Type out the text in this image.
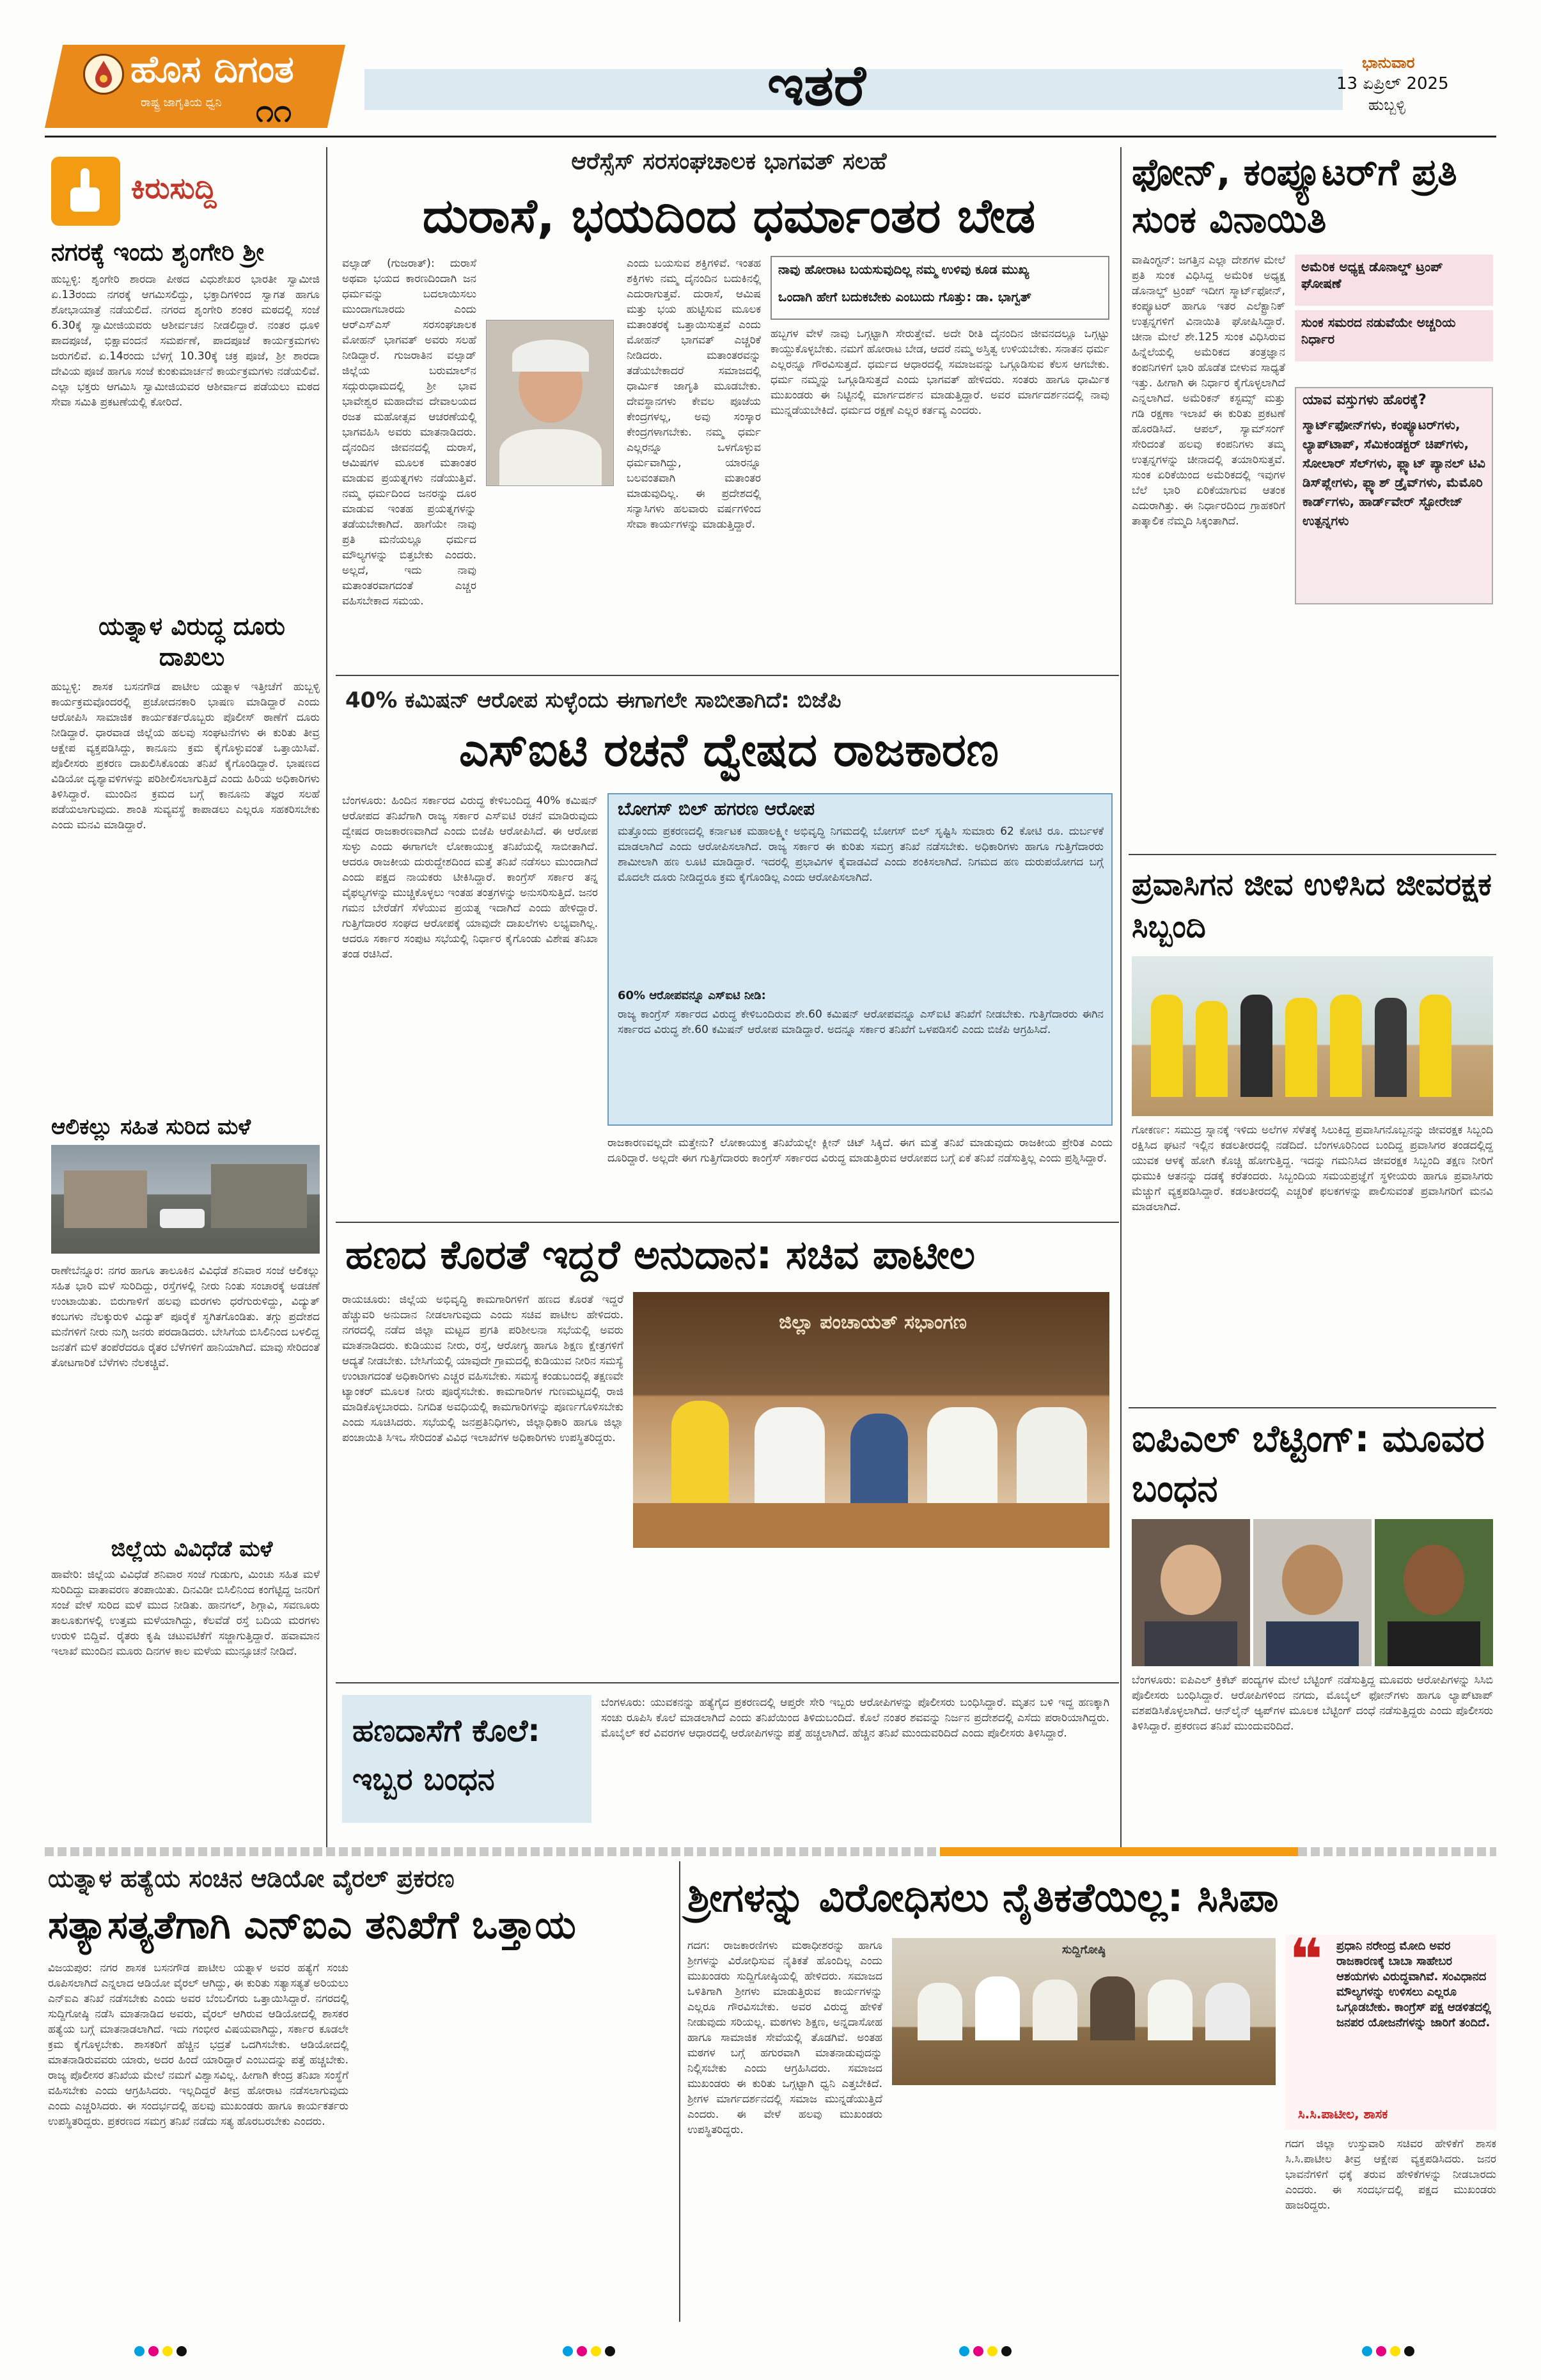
ಹೊಸ ದಿಗಂತ
ರಾಷ್ಟ್ರ ಜಾಗೃತಿಯ ಧ್ವನಿ ೧೧	ಇತರೆ	ಭಾನುವಾರ
13 ಏಪ್ರಿಲ್ 2025
ಹುಬ್ಬಳ್ಳಿ
ಕಿರುಸುದ್ದಿ
ನಗರಕ್ಕೆ ಇಂದು ಶೃಂಗೇರಿ ಶ್ರೀ
ಹುಬ್ಬಳ್ಳಿ: ಶೃಂಗೇರಿ ಶಾರದಾ ಪೀಠದ ವಿಧುಶೇಖರ ಭಾರತೀ ಸ್ವಾಮೀಜಿ ಏ.13ರಂದು ನಗರಕ್ಕೆ ಆಗಮಿಸಲಿದ್ದು, ಭಕ್ತಾದಿಗಳಿಂದ ಸ್ವಾಗತ ಹಾಗೂ ಶೋಭಾಯಾತ್ರೆ ನಡೆಯಲಿದೆ. ನಗರದ ಶೃಂಗೇರಿ ಶಂಕರ ಮಠದಲ್ಲಿ ಸಂಜೆ 6.30ಕ್ಕೆ ಸ್ವಾಮೀಜಿಯವರು ಆಶೀರ್ವಚನ ನೀಡಲಿದ್ದಾರೆ. ನಂತರ ಧೂಳಿ ಪಾದಪೂಜೆ, ಭಿಕ್ಷಾವಂದನೆ ಸಮರ್ಪಣೆ, ಪಾದಪೂಜೆ ಕಾರ್ಯಕ್ರಮಗಳು ಜರುಗಲಿವೆ. ಏ.14ರಂದು ಬೆಳಗ್ಗೆ 10.30ಕ್ಕೆ ಚಕ್ರ ಪೂಜೆ, ಶ್ರೀ ಶಾರದಾ ದೇವಿಯ ಪೂಜೆ ಹಾಗೂ ಸಂಜೆ ಕುಂಕುಮಾರ್ಚನೆ ಕಾರ್ಯಕ್ರಮಗಳು ನಡೆಯಲಿವೆ. ಎಲ್ಲಾ ಭಕ್ತರು ಆಗಮಿಸಿ ಸ್ವಾಮೀಜಿಯವರ ಆಶೀರ್ವಾದ ಪಡೆಯಲು ಮಠದ ಸೇವಾ ಸಮಿತಿ ಪ್ರಕಟಣೆಯಲ್ಲಿ ಕೋರಿದೆ.
ಯತ್ನಾಳ ವಿರುದ್ಧ ದೂರು ದಾಖಲು
ಹುಬ್ಬಳ್ಳಿ: ಶಾಸಕ ಬಸನಗೌಡ ಪಾಟೀಲ ಯತ್ನಾಳ ಇತ್ತೀಚೆಗೆ ಹುಬ್ಬಳ್ಳಿ ಕಾರ್ಯಕ್ರಮವೊಂದರಲ್ಲಿ ಪ್ರಚೋದನಕಾರಿ ಭಾಷಣ ಮಾಡಿದ್ದಾರೆ ಎಂದು ಆರೋಪಿಸಿ ಸಾಮಾಜಿಕ ಕಾರ್ಯಕರ್ತರೊಬ್ಬರು ಪೊಲೀಸ್ ಠಾಣೆಗೆ ದೂರು ನೀಡಿದ್ದಾರೆ. ಧಾರವಾಡ ಜಿಲ್ಲೆಯ ಹಲವು ಸಂಘಟನೆಗಳು ಈ ಕುರಿತು ತೀವ್ರ ಆಕ್ಷೇಪ ವ್ಯಕ್ತಪಡಿಸಿದ್ದು, ಕಾನೂನು ಕ್ರಮ ಕೈಗೊಳ್ಳುವಂತೆ ಒತ್ತಾಯಿಸಿವೆ. ಪೊಲೀಸರು ಪ್ರಕರಣ ದಾಖಲಿಸಿಕೊಂಡು ತನಿಖೆ ಕೈಗೊಂಡಿದ್ದಾರೆ. ಭಾಷಣದ ವಿಡಿಯೋ ದೃಶ್ಯಾವಳಿಗಳನ್ನು ಪರಿಶೀಲಿಸಲಾಗುತ್ತಿದೆ ಎಂದು ಹಿರಿಯ ಅಧಿಕಾರಿಗಳು ತಿಳಿಸಿದ್ದಾರೆ. ಮುಂದಿನ ಕ್ರಮದ ಬಗ್ಗೆ ಕಾನೂನು ತಜ್ಞರ ಸಲಹೆ ಪಡೆಯಲಾಗುವುದು. ಶಾಂತಿ ಸುವ್ಯವಸ್ಥೆ ಕಾಪಾಡಲು ಎಲ್ಲರೂ ಸಹಕರಿಸಬೇಕು ಎಂದು ಮನವಿ ಮಾಡಿದ್ದಾರೆ.
ಆಲಿಕಲ್ಲು ಸಹಿತ ಸುರಿದ ಮಳೆ
ರಾಣೇಬೆನ್ನೂರ: ನಗರ ಹಾಗೂ ತಾಲೂಕಿನ ವಿವಿಧೆಡೆ ಶನಿವಾರ ಸಂಜೆ ಆಲಿಕಲ್ಲು ಸಹಿತ ಭಾರಿ ಮಳೆ ಸುರಿದಿದ್ದು, ರಸ್ತೆಗಳಲ್ಲಿ ನೀರು ನಿಂತು ಸಂಚಾರಕ್ಕೆ ಅಡಚಣೆ ಉಂಟಾಯಿತು. ಬಿರುಗಾಳಿಗೆ ಹಲವು ಮರಗಳು ಧರೆಗುರುಳಿದ್ದು, ವಿದ್ಯುತ್ ಕಂಬಗಳು ನೆಲಕ್ಕುರುಳಿ ವಿದ್ಯುತ್ ಪೂರೈಕೆ ಸ್ಥಗಿತಗೊಂಡಿತು. ತಗ್ಗು ಪ್ರದೇಶದ ಮನೆಗಳಿಗೆ ನೀರು ನುಗ್ಗಿ ಜನರು ಪರದಾಡಿದರು. ಬೇಸಿಗೆಯ ಬಿಸಿಲಿನಿಂದ ಬಳಲಿದ್ದ ಜನತೆಗೆ ಮಳೆ ತಂಪೆರೆದರೂ ರೈತರ ಬೆಳೆಗಳಿಗೆ ಹಾನಿಯಾಗಿದೆ. ಮಾವು ಸೇರಿದಂತೆ ತೋಟಗಾರಿಕೆ ಬೆಳೆಗಳು ನೆಲಕಚ್ಚಿವೆ.
ಜಿಲ್ಲೆಯ ವಿವಿಧೆಡೆ ಮಳೆ
ಹಾವೇರಿ: ಜಿಲ್ಲೆಯ ವಿವಿಧೆಡೆ ಶನಿವಾರ ಸಂಜೆ ಗುಡುಗು, ಮಿಂಚು ಸಹಿತ ಮಳೆ ಸುರಿದಿದ್ದು ವಾತಾವರಣ ತಂಪಾಯಿತು. ದಿನವಿಡೀ ಬಿಸಿಲಿನಿಂದ ಕಂಗೆಟ್ಟಿದ್ದ ಜನರಿಗೆ ಸಂಜೆ ವೇಳೆ ಸುರಿದ ಮಳೆ ಮುದ ನೀಡಿತು. ಹಾನಗಲ್, ಶಿಗ್ಗಾವಿ, ಸವಣೂರು ತಾಲೂಕುಗಳಲ್ಲಿ ಉತ್ತಮ ಮಳೆಯಾಗಿದ್ದು, ಕೆಲವೆಡೆ ರಸ್ತೆ ಬದಿಯ ಮರಗಳು ಉರುಳಿ ಬಿದ್ದಿವೆ. ರೈತರು ಕೃಷಿ ಚಟುವಟಿಕೆಗೆ ಸಜ್ಜಾಗುತ್ತಿದ್ದಾರೆ. ಹವಾಮಾನ ಇಲಾಖೆ ಮುಂದಿನ ಮೂರು ದಿನಗಳ ಕಾಲ ಮಳೆಯ ಮುನ್ಸೂಚನೆ ನೀಡಿದೆ.
ಆರೆಸ್ಸೆಸ್ ಸರಸಂಘಚಾಲಕ ಭಾಗವತ್ ಸಲಹೆ
ದುರಾಸೆ, ಭಯದಿಂದ ಧರ್ಮಾಂತರ ಬೇಡ
ವಲ್ಸಾಡ್ (ಗುಜರಾತ್): ದುರಾಸೆ ಅಥವಾ ಭಯದ ಕಾರಣದಿಂದಾಗಿ ಜನ ಧರ್ಮವನ್ನು ಬದಲಾಯಿಸಲು ಮುಂದಾಗಬಾರದು ಎಂದು ಆರ್‌ಎಸ್‌ಎಸ್ ಸರಸಂಘಚಾಲಕ ಮೋಹನ್ ಭಾಗವತ್ ಅವರು ಸಲಹೆ ನೀಡಿದ್ದಾರೆ. ಗುಜರಾತಿನ ವಲ್ಸಾಡ್ ಜಿಲ್ಲೆಯ ಬರುಮಾಲ್‌ನ ಸದ್ಗುರುಧಾಮದಲ್ಲಿ ಶ್ರೀ ಭಾವ ಭಾವೇಶ್ವರ ಮಹಾದೇವ ದೇವಾಲಯದ ರಜತ ಮಹೋತ್ಸವ ಆಚರಣೆಯಲ್ಲಿ ಭಾಗವಹಿಸಿ ಅವರು ಮಾತನಾಡಿದರು. ದೈನಂದಿನ ಜೀವನದಲ್ಲಿ ದುರಾಸೆ, ಆಮಿಷಗಳ ಮೂಲಕ ಮತಾಂತರ ಮಾಡುವ ಪ್ರಯತ್ನಗಳು ನಡೆಯುತ್ತಿವೆ. ನಮ್ಮ ಧರ್ಮದಿಂದ ಜನರನ್ನು ದೂರ ಮಾಡುವ ಇಂತಹ ಪ್ರಯತ್ನಗಳನ್ನು ತಡೆಯಬೇಕಾಗಿದೆ. ಹಾಗೆಯೇ ನಾವು ಪ್ರತಿ ಮನೆಯಲ್ಲೂ ಧರ್ಮದ ಮೌಲ್ಯಗಳನ್ನು ಬಿತ್ತಬೇಕು ಎಂದರು. ಅಲ್ಲದೆ, ಇದು ನಾವು ಮತಾಂತರವಾಗದಂತೆ ಎಚ್ಚರ ವಹಿಸಬೇಕಾದ ಸಮಯ.
ಎಂದು ಬಯಸುವ ಶಕ್ತಿಗಳಿವೆ. ಇಂತಹ ಶಕ್ತಿಗಳು ನಮ್ಮ ದೈನಂದಿನ ಬದುಕಿನಲ್ಲಿ ಎದುರಾಗುತ್ತವೆ. ದುರಾಸೆ, ಆಮಿಷ ಮತ್ತು ಭಯ ಹುಟ್ಟಿಸುವ ಮೂಲಕ ಮತಾಂತರಕ್ಕೆ ಒತ್ತಾಯಿಸುತ್ತವೆ ಎಂದು ಮೋಹನ್ ಭಾಗವತ್ ಎಚ್ಚರಿಕೆ ನೀಡಿದರು. ಮತಾಂತರವನ್ನು ತಡೆಯಬೇಕಾದರೆ ಸಮಾಜದಲ್ಲಿ ಧಾರ್ಮಿಕ ಜಾಗೃತಿ ಮೂಡಬೇಕು. ದೇವಸ್ಥಾನಗಳು ಕೇವಲ ಪೂಜೆಯ ಕೇಂದ್ರಗಳಲ್ಲ, ಅವು ಸಂಸ್ಕಾರ ಕೇಂದ್ರಗಳಾಗಬೇಕು. ನಮ್ಮ ಧರ್ಮ ಎಲ್ಲರನ್ನೂ ಒಳಗೊಳ್ಳುವ ಧರ್ಮವಾಗಿದ್ದು, ಯಾರನ್ನೂ ಬಲವಂತವಾಗಿ ಮತಾಂತರ ಮಾಡುವುದಿಲ್ಲ. ಈ ಪ್ರದೇಶದಲ್ಲಿ ಸನ್ಯಾಸಿಗಳು ಹಲವಾರು ವರ್ಷಗಳಿಂದ ಸೇವಾ ಕಾರ್ಯಗಳನ್ನು ಮಾಡುತ್ತಿದ್ದಾರೆ.
ನಾವು ಹೋರಾಟ ಬಯಸುವುದಿಲ್ಲ ನಮ್ಮ ಉಳಿವು ಕೂಡ ಮುಖ್ಯ
ಒಂದಾಗಿ ಹೇಗೆ ಬದುಕಬೇಕು ಎಂಬುದು ಗೊತ್ತು: ಡಾ. ಭಾಗ್ವತ್
ಹಬ್ಬಗಳ ವೇಳೆ ನಾವು ಒಗ್ಗಟ್ಟಾಗಿ ಸೇರುತ್ತೇವೆ. ಅದೇ ರೀತಿ ದೈನಂದಿನ ಜೀವನದಲ್ಲೂ ಒಗ್ಗಟ್ಟು ಕಾಯ್ದುಕೊಳ್ಳಬೇಕು. ನಮಗೆ ಹೋರಾಟ ಬೇಡ, ಆದರೆ ನಮ್ಮ ಅಸ್ತಿತ್ವ ಉಳಿಯಬೇಕು. ಸನಾತನ ಧರ್ಮ ಎಲ್ಲರನ್ನೂ ಗೌರವಿಸುತ್ತದೆ. ಧರ್ಮದ ಆಧಾರದಲ್ಲಿ ಸಮಾಜವನ್ನು ಒಗ್ಗೂಡಿಸುವ ಕೆಲಸ ಆಗಬೇಕು. ಧರ್ಮ ನಮ್ಮನ್ನು ಒಗ್ಗೂಡಿಸುತ್ತದೆ ಎಂದು ಭಾಗವತ್ ಹೇಳಿದರು. ಸಂತರು ಹಾಗೂ ಧಾರ್ಮಿಕ ಮುಖಂಡರು ಈ ನಿಟ್ಟಿನಲ್ಲಿ ಮಾರ್ಗದರ್ಶನ ಮಾಡುತ್ತಿದ್ದಾರೆ. ಅವರ ಮಾರ್ಗದರ್ಶನದಲ್ಲಿ ನಾವು ಮುನ್ನಡೆಯಬೇಕಿದೆ. ಧರ್ಮದ ರಕ್ಷಣೆ ಎಲ್ಲರ ಕರ್ತವ್ಯ ಎಂದರು.
40% ಕಮಿಷನ್ ಆರೋಪ ಸುಳ್ಳೆಂದು ಈಗಾಗಲೇ ಸಾಬೀತಾಗಿದೆ: ಬಿಜೆಪಿ
ಎಸ್‌ಐಟಿ ರಚನೆ ದ್ವೇಷದ ರಾಜಕಾರಣ
ಬೆಂಗಳೂರು: ಹಿಂದಿನ ಸರ್ಕಾರದ ವಿರುದ್ಧ ಕೇಳಿಬಂದಿದ್ದ 40% ಕಮಿಷನ್ ಆರೋಪದ ತನಿಖೆಗಾಗಿ ರಾಜ್ಯ ಸರ್ಕಾರ ಎಸ್‌ಐಟಿ ರಚನೆ ಮಾಡಿರುವುದು ದ್ವೇಷದ ರಾಜಕಾರಣವಾಗಿದೆ ಎಂದು ಬಿಜೆಪಿ ಆರೋಪಿಸಿದೆ. ಈ ಆರೋಪ ಸುಳ್ಳು ಎಂದು ಈಗಾಗಲೇ ಲೋಕಾಯುಕ್ತ ತನಿಖೆಯಲ್ಲಿ ಸಾಬೀತಾಗಿದೆ. ಆದರೂ ರಾಜಕೀಯ ದುರುದ್ದೇಶದಿಂದ ಮತ್ತೆ ತನಿಖೆ ನಡೆಸಲು ಮುಂದಾಗಿದೆ ಎಂದು ಪಕ್ಷದ ನಾಯಕರು ಟೀಕಿಸಿದ್ದಾರೆ. ಕಾಂಗ್ರೆಸ್ ಸರ್ಕಾರ ತನ್ನ ವೈಫಲ್ಯಗಳನ್ನು ಮುಚ್ಚಿಕೊಳ್ಳಲು ಇಂತಹ ತಂತ್ರಗಳನ್ನು ಅನುಸರಿಸುತ್ತಿದೆ. ಜನರ ಗಮನ ಬೇರೆಡೆಗೆ ಸೆಳೆಯುವ ಪ್ರಯತ್ನ ಇದಾಗಿದೆ ಎಂದು ಹೇಳಿದ್ದಾರೆ. ಗುತ್ತಿಗೆದಾರರ ಸಂಘದ ಆರೋಪಕ್ಕೆ ಯಾವುದೇ ದಾಖಲೆಗಳು ಲಭ್ಯವಾಗಿಲ್ಲ. ಆದರೂ ಸರ್ಕಾರ ಸಂಪುಟ ಸಭೆಯಲ್ಲಿ ನಿರ್ಧಾರ ಕೈಗೊಂಡು ವಿಶೇಷ ತನಿಖಾ ತಂಡ ರಚಿಸಿದೆ.
ಬೋಗಸ್ ಬಿಲ್ ಹಗರಣ ಆರೋಪ
ಮತ್ತೊಂದು ಪ್ರಕರಣದಲ್ಲಿ ಕರ್ನಾಟಕ ಮಹಾಲಕ್ಷ್ಮೀ ಅಭಿವೃದ್ಧಿ ನಿಗಮದಲ್ಲಿ ಬೋಗಸ್ ಬಿಲ್ ಸೃಷ್ಟಿಸಿ ಸುಮಾರು 62 ಕೋಟಿ ರೂ. ದುರ್ಬಳಕೆ ಮಾಡಲಾಗಿದೆ ಎಂದು ಆರೋಪಿಸಲಾಗಿದೆ. ರಾಜ್ಯ ಸರ್ಕಾರ ಈ ಕುರಿತು ಸಮಗ್ರ ತನಿಖೆ ನಡೆಸಬೇಕು. ಅಧಿಕಾರಿಗಳು ಹಾಗೂ ಗುತ್ತಿಗೆದಾರರು ಶಾಮೀಲಾಗಿ ಹಣ ಲೂಟಿ ಮಾಡಿದ್ದಾರೆ. ಇದರಲ್ಲಿ ಪ್ರಭಾವಿಗಳ ಕೈವಾಡವಿದೆ ಎಂದು ಶಂಕಿಸಲಾಗಿದೆ. ನಿಗಮದ ಹಣ ದುರುಪಯೋಗದ ಬಗ್ಗೆ ಮೊದಲೇ ದೂರು ನೀಡಿದ್ದರೂ ಕ್ರಮ ಕೈಗೊಂಡಿಲ್ಲ ಎಂದು ಆರೋಪಿಸಲಾಗಿದೆ.
60% ಆರೋಪವನ್ನೂ ಎಸ್‌ಐಟಿ ನೀಡಿ:
ರಾಜ್ಯ ಕಾಂಗ್ರೆಸ್ ಸರ್ಕಾರದ ವಿರುದ್ಧ ಕೇಳಿಬಂದಿರುವ ಶೇ.60 ಕಮಿಷನ್ ಆರೋಪವನ್ನೂ ಎಸ್‌ಐಟಿ ತನಿಖೆಗೆ ನೀಡಬೇಕು. ಗುತ್ತಿಗೆದಾರರು ಈಗಿನ ಸರ್ಕಾರದ ವಿರುದ್ಧ ಶೇ.60 ಕಮಿಷನ್ ಆರೋಪ ಮಾಡಿದ್ದಾರೆ. ಅದನ್ನೂ ಸರ್ಕಾರ ತನಿಖೆಗೆ ಒಳಪಡಿಸಲಿ ಎಂದು ಬಿಜೆಪಿ ಆಗ್ರಹಿಸಿದೆ.
ರಾಜಕಾರಣವಲ್ಲದೇ ಮತ್ತೇನು? ಲೋಕಾಯುಕ್ತ ತನಿಖೆಯಲ್ಲೇ ಕ್ಲೀನ್ ಚಿಟ್ ಸಿಕ್ಕಿದೆ. ಈಗ ಮತ್ತೆ ತನಿಖೆ ಮಾಡುವುದು ರಾಜಕೀಯ ಪ್ರೇರಿತ ಎಂದು ದೂರಿದ್ದಾರೆ. ಅಲ್ಲದೇ ಈಗ ಗುತ್ತಿಗೆದಾರರು ಕಾಂಗ್ರೆಸ್ ಸರ್ಕಾರದ ವಿರುದ್ಧ ಮಾಡುತ್ತಿರುವ ಆರೋಪದ ಬಗ್ಗೆ ಏಕೆ ತನಿಖೆ ನಡೆಸುತ್ತಿಲ್ಲ ಎಂದು ಪ್ರಶ್ನಿಸಿದ್ದಾರೆ.
ಹಣದ ಕೊರತೆ ಇದ್ದರೆ ಅನುದಾನ: ಸಚಿವ ಪಾಟೀಲ
ರಾಯಚೂರು: ಜಿಲ್ಲೆಯ ಅಭಿವೃದ್ಧಿ ಕಾಮಗಾರಿಗಳಿಗೆ ಹಣದ ಕೊರತೆ ಇದ್ದರೆ ಹೆಚ್ಚುವರಿ ಅನುದಾನ ನೀಡಲಾಗುವುದು ಎಂದು ಸಚಿವ ಪಾಟೀಲ ಹೇಳಿದರು. ನಗರದಲ್ಲಿ ನಡೆದ ಜಿಲ್ಲಾ ಮಟ್ಟದ ಪ್ರಗತಿ ಪರಿಶೀಲನಾ ಸಭೆಯಲ್ಲಿ ಅವರು ಮಾತನಾಡಿದರು. ಕುಡಿಯುವ ನೀರು, ರಸ್ತೆ, ಆರೋಗ್ಯ ಹಾಗೂ ಶಿಕ್ಷಣ ಕ್ಷೇತ್ರಗಳಿಗೆ ಆದ್ಯತೆ ನೀಡಬೇಕು. ಬೇಸಿಗೆಯಲ್ಲಿ ಯಾವುದೇ ಗ್ರಾಮದಲ್ಲಿ ಕುಡಿಯುವ ನೀರಿನ ಸಮಸ್ಯೆ ಉಂಟಾಗದಂತೆ ಅಧಿಕಾರಿಗಳು ಎಚ್ಚರ ವಹಿಸಬೇಕು. ಸಮಸ್ಯೆ ಕಂಡುಬಂದಲ್ಲಿ ತಕ್ಷಣವೇ ಟ್ಯಾಂಕರ್ ಮೂಲಕ ನೀರು ಪೂರೈಸಬೇಕು. ಕಾಮಗಾರಿಗಳ ಗುಣಮಟ್ಟದಲ್ಲಿ ರಾಜಿ ಮಾಡಿಕೊಳ್ಳಬಾರದು. ನಿಗದಿತ ಅವಧಿಯಲ್ಲಿ ಕಾಮಗಾರಿಗಳನ್ನು ಪೂರ್ಣಗೊಳಿಸಬೇಕು ಎಂದು ಸೂಚಿಸಿದರು. ಸಭೆಯಲ್ಲಿ ಜನಪ್ರತಿನಿಧಿಗಳು, ಜಿಲ್ಲಾಧಿಕಾರಿ ಹಾಗೂ ಜಿಲ್ಲಾ ಪಂಚಾಯಿತಿ ಸಿಇಒ ಸೇರಿದಂತೆ ವಿವಿಧ ಇಲಾಖೆಗಳ ಅಧಿಕಾರಿಗಳು ಉಪಸ್ಥಿತರಿದ್ದರು.
ಜಿಲ್ಲಾ ಪಂಚಾಯತ್ ಸಭಾಂಗಣ
ಹಣದಾಸೆಗೆ ಕೊಲೆ: ಇಬ್ಬರ ಬಂಧನ
ಬೆಂಗಳೂರು: ಯುವಕನನ್ನು ಹತ್ಯೆಗೈದ ಪ್ರಕರಣದಲ್ಲಿ ಆಪ್ತರೇ ಸೇರಿ ಇಬ್ಬರು ಆರೋಪಿಗಳನ್ನು ಪೊಲೀಸರು ಬಂಧಿಸಿದ್ದಾರೆ. ಮೃತನ ಬಳಿ ಇದ್ದ ಹಣಕ್ಕಾಗಿ ಸಂಚು ರೂಪಿಸಿ ಕೊಲೆ ಮಾಡಲಾಗಿದೆ ಎಂದು ತನಿಖೆಯಿಂದ ತಿಳಿದುಬಂದಿದೆ. ಕೊಲೆ ನಂತರ ಶವವನ್ನು ನಿರ್ಜನ ಪ್ರದೇಶದಲ್ಲಿ ಎಸೆದು ಪರಾರಿಯಾಗಿದ್ದರು. ಮೊಬೈಲ್ ಕರೆ ವಿವರಗಳ ಆಧಾರದಲ್ಲಿ ಆರೋಪಿಗಳನ್ನು ಪತ್ತೆ ಹಚ್ಚಲಾಗಿದೆ. ಹೆಚ್ಚಿನ ತನಿಖೆ ಮುಂದುವರಿದಿದೆ ಎಂದು ಪೊಲೀಸರು ತಿಳಿಸಿದ್ದಾರೆ.
ಫೋನ್, ಕಂಪ್ಯೂಟರ್‌ಗೆ ಪ್ರತಿ ಸುಂಕ ವಿನಾಯಿತಿ
ವಾಷಿಂಗ್ಟನ್: ಜಗತ್ತಿನ ಎಲ್ಲಾ ದೇಶಗಳ ಮೇಲೆ ಪ್ರತಿ ಸುಂಕ ವಿಧಿಸಿದ್ದ ಅಮೆರಿಕ ಅಧ್ಯಕ್ಷ ಡೊನಾಲ್ಡ್ ಟ್ರಂಪ್ ಇದೀಗ ಸ್ಮಾರ್ಟ್‌ಫೋನ್, ಕಂಪ್ಯೂಟರ್ ಹಾಗೂ ಇತರ ಎಲೆಕ್ಟ್ರಾನಿಕ್ ಉತ್ಪನ್ನಗಳಿಗೆ ವಿನಾಯಿತಿ ಘೋಷಿಸಿದ್ದಾರೆ. ಚೀನಾ ಮೇಲೆ ಶೇ.125 ಸುಂಕ ವಿಧಿಸಿರುವ ಹಿನ್ನೆಲೆಯಲ್ಲಿ ಅಮೆರಿಕದ ತಂತ್ರಜ್ಞಾನ ಕಂಪನಿಗಳಿಗೆ ಭಾರಿ ಹೊಡೆತ ಬೀಳುವ ಸಾಧ್ಯತೆ ಇತ್ತು. ಹೀಗಾಗಿ ಈ ನಿರ್ಧಾರ ಕೈಗೊಳ್ಳಲಾಗಿದೆ ಎನ್ನಲಾಗಿದೆ. ಅಮೆರಿಕನ್ ಕಸ್ಟಮ್ಸ್ ಮತ್ತು ಗಡಿ ರಕ್ಷಣಾ ಇಲಾಖೆ ಈ ಕುರಿತು ಪ್ರಕಟಣೆ ಹೊರಡಿಸಿದೆ. ಆಪಲ್, ಸ್ಯಾಮ್‌ಸಂಗ್ ಸೇರಿದಂತೆ ಹಲವು ಕಂಪನಿಗಳು ತಮ್ಮ ಉತ್ಪನ್ನಗಳನ್ನು ಚೀನಾದಲ್ಲಿ ತಯಾರಿಸುತ್ತವೆ. ಸುಂಕ ಏರಿಕೆಯಿಂದ ಅಮೆರಿಕದಲ್ಲಿ ಇವುಗಳ ಬೆಲೆ ಭಾರಿ ಏರಿಕೆಯಾಗುವ ಆತಂಕ ಎದುರಾಗಿತ್ತು. ಈ ನಿರ್ಧಾರದಿಂದ ಗ್ರಾಹಕರಿಗೆ ತಾತ್ಕಾಲಿಕ ನೆಮ್ಮದಿ ಸಿಕ್ಕಂತಾಗಿದೆ.
ಅಮೆರಿಕ ಅಧ್ಯಕ್ಷ ಡೊನಾಲ್ಡ್ ಟ್ರಂಪ್ ಘೋಷಣೆ
ಸುಂಕ ಸಮರದ ನಡುವೆಯೇ ಅಚ್ಚರಿಯ ನಿರ್ಧಾರ
ಯಾವ ವಸ್ತುಗಳು ಹೊರಕ್ಕೆ?
ಸ್ಮಾರ್ಟ್‌ಫೋನ್‌ಗಳು, ಕಂಪ್ಯೂಟರ್‌ಗಳು, ಲ್ಯಾಪ್‌ಟಾಪ್, ಸೆಮಿಕಂಡಕ್ಟರ್ ಚಿಪ್‌ಗಳು, ಸೋಲಾರ್ ಸೆಲ್‌ಗಳು, ಫ್ಲ್ಯಾಟ್ ಪ್ಯಾನಲ್ ಟಿವಿ ಡಿಸ್‌ಪ್ಲೇಗಳು, ಫ್ಲ್ಯಾಶ್ ಡ್ರೈವ್‌ಗಳು, ಮೆಮೊರಿ ಕಾರ್ಡ್‌ಗಳು, ಹಾರ್ಡ್‌ವೇರ್ ಸ್ಟೋರೇಜ್ ಉತ್ಪನ್ನಗಳು
ಪ್ರವಾಸಿಗನ ಜೀವ ಉಳಿಸಿದ ಜೀವರಕ್ಷಕ ಸಿಬ್ಬಂದಿ
ಗೋಕರ್ಣ: ಸಮುದ್ರ ಸ್ನಾನಕ್ಕೆ ಇಳಿದು ಅಲೆಗಳ ಸೆಳೆತಕ್ಕೆ ಸಿಲುಕಿದ್ದ ಪ್ರವಾಸಿಗನೊಬ್ಬನನ್ನು ಜೀವರಕ್ಷಕ ಸಿಬ್ಬಂದಿ ರಕ್ಷಿಸಿದ ಘಟನೆ ಇಲ್ಲಿನ ಕಡಲತೀರದಲ್ಲಿ ನಡೆದಿದೆ. ಬೆಂಗಳೂರಿನಿಂದ ಬಂದಿದ್ದ ಪ್ರವಾಸಿಗರ ತಂಡದಲ್ಲಿದ್ದ ಯುವಕ ಆಳಕ್ಕೆ ಹೋಗಿ ಕೊಚ್ಚಿ ಹೋಗುತ್ತಿದ್ದ. ಇದನ್ನು ಗಮನಿಸಿದ ಜೀವರಕ್ಷಕ ಸಿಬ್ಬಂದಿ ತಕ್ಷಣ ನೀರಿಗೆ ಧುಮುಕಿ ಆತನನ್ನು ದಡಕ್ಕೆ ಕರೆತಂದರು. ಸಿಬ್ಬಂದಿಯ ಸಮಯಪ್ರಜ್ಞೆಗೆ ಸ್ಥಳೀಯರು ಹಾಗೂ ಪ್ರವಾಸಿಗರು ಮೆಚ್ಚುಗೆ ವ್ಯಕ್ತಪಡಿಸಿದ್ದಾರೆ. ಕಡಲತೀರದಲ್ಲಿ ಎಚ್ಚರಿಕೆ ಫಲಕಗಳನ್ನು ಪಾಲಿಸುವಂತೆ ಪ್ರವಾಸಿಗರಿಗೆ ಮನವಿ ಮಾಡಲಾಗಿದೆ.
ಐಪಿಎಲ್ ಬೆಟ್ಟಿಂಗ್: ಮೂವರ ಬಂಧನ
ಬೆಂಗಳೂರು: ಐಪಿಎಲ್ ಕ್ರಿಕೆಟ್ ಪಂದ್ಯಗಳ ಮೇಲೆ ಬೆಟ್ಟಿಂಗ್ ನಡೆಸುತ್ತಿದ್ದ ಮೂವರು ಆರೋಪಿಗಳನ್ನು ಸಿಸಿಬಿ ಪೊಲೀಸರು ಬಂಧಿಸಿದ್ದಾರೆ. ಆರೋಪಿಗಳಿಂದ ನಗದು, ಮೊಬೈಲ್ ಫೋನ್‌ಗಳು ಹಾಗೂ ಲ್ಯಾಪ್‌ಟಾಪ್ ವಶಪಡಿಸಿಕೊಳ್ಳಲಾಗಿದೆ. ಆನ್‌ಲೈನ್ ಆ್ಯಪ್‌ಗಳ ಮೂಲಕ ಬೆಟ್ಟಿಂಗ್ ದಂಧೆ ನಡೆಸುತ್ತಿದ್ದರು ಎಂದು ಪೊಲೀಸರು ತಿಳಿಸಿದ್ದಾರೆ. ಪ್ರಕರಣದ ತನಿಖೆ ಮುಂದುವರಿದಿದೆ.
ಯತ್ನಾಳ ಹತ್ಯೆಯ ಸಂಚಿನ ಆಡಿಯೋ ವೈರಲ್ ಪ್ರಕರಣ
ಸತ್ಯಾಸತ್ಯತೆಗಾಗಿ ಎನ್‌ಐಎ ತನಿಖೆಗೆ ಒತ್ತಾಯ
ವಿಜಯಪುರ: ನಗರ ಶಾಸಕ ಬಸನಗೌಡ ಪಾಟೀಲ ಯತ್ನಾಳ ಅವರ ಹತ್ಯೆಗೆ ಸಂಚು ರೂಪಿಸಲಾಗಿದೆ ಎನ್ನಲಾದ ಆಡಿಯೋ ವೈರಲ್ ಆಗಿದ್ದು, ಈ ಕುರಿತು ಸತ್ಯಾಸತ್ಯತೆ ಅರಿಯಲು ಎನ್‌ಐಎ ತನಿಖೆ ನಡೆಸಬೇಕು ಎಂದು ಅವರ ಬೆಂಬಲಿಗರು ಒತ್ತಾಯಿಸಿದ್ದಾರೆ. ನಗರದಲ್ಲಿ ಸುದ್ದಿಗೋಷ್ಠಿ ನಡೆಸಿ ಮಾತನಾಡಿದ ಅವರು, ವೈರಲ್ ಆಗಿರುವ ಆಡಿಯೋದಲ್ಲಿ ಶಾಸಕರ ಹತ್ಯೆಯ ಬಗ್ಗೆ ಮಾತನಾಡಲಾಗಿದೆ. ಇದು ಗಂಭೀರ ವಿಷಯವಾಗಿದ್ದು, ಸರ್ಕಾರ ಕೂಡಲೇ ಕ್ರಮ ಕೈಗೊಳ್ಳಬೇಕು. ಶಾಸಕರಿಗೆ ಹೆಚ್ಚಿನ ಭದ್ರತೆ ಒದಗಿಸಬೇಕು. ಆಡಿಯೋದಲ್ಲಿ ಮಾತನಾಡಿರುವವರು ಯಾರು, ಅದರ ಹಿಂದೆ ಯಾರಿದ್ದಾರೆ ಎಂಬುದನ್ನು ಪತ್ತೆ ಹಚ್ಚಬೇಕು. ರಾಜ್ಯ ಪೊಲೀಸರ ತನಿಖೆಯ ಮೇಲೆ ನಮಗೆ ವಿಶ್ವಾಸವಿಲ್ಲ. ಹೀಗಾಗಿ ಕೇಂದ್ರ ತನಿಖಾ ಸಂಸ್ಥೆಗೆ ವಹಿಸಬೇಕು ಎಂದು ಆಗ್ರಹಿಸಿದರು. ಇಲ್ಲದಿದ್ದರೆ ತೀವ್ರ ಹೋರಾಟ ನಡೆಸಲಾಗುವುದು ಎಂದು ಎಚ್ಚರಿಸಿದರು. ಈ ಸಂದರ್ಭದಲ್ಲಿ ಹಲವು ಮುಖಂಡರು ಹಾಗೂ ಕಾರ್ಯಕರ್ತರು ಉಪಸ್ಥಿತರಿದ್ದರು. ಪ್ರಕರಣದ ಸಮಗ್ರ ತನಿಖೆ ನಡೆದು ಸತ್ಯ ಹೊರಬರಬೇಕು ಎಂದರು.
ಶ್ರೀಗಳನ್ನು ವಿರೋಧಿಸಲು ನೈತಿಕತೆಯಿಲ್ಲ: ಸಿಸಿಪಾ
ಗದಗ: ರಾಜಕಾರಣಿಗಳು ಮಠಾಧೀಶರನ್ನು ಹಾಗೂ ಶ್ರೀಗಳನ್ನು ವಿರೋಧಿಸುವ ನೈತಿಕತೆ ಹೊಂದಿಲ್ಲ ಎಂದು ಮುಖಂಡರು ಸುದ್ದಿಗೋಷ್ಠಿಯಲ್ಲಿ ಹೇಳಿದರು. ಸಮಾಜದ ಒಳಿತಿಗಾಗಿ ಶ್ರೀಗಳು ಮಾಡುತ್ತಿರುವ ಕಾರ್ಯಗಳನ್ನು ಎಲ್ಲರೂ ಗೌರವಿಸಬೇಕು. ಅವರ ವಿರುದ್ಧ ಹೇಳಿಕೆ ನೀಡುವುದು ಸರಿಯಲ್ಲ. ಮಠಗಳು ಶಿಕ್ಷಣ, ಅನ್ನದಾಸೋಹ ಹಾಗೂ ಸಾಮಾಜಿಕ ಸೇವೆಯಲ್ಲಿ ತೊಡಗಿವೆ. ಅಂತಹ ಮಠಗಳ ಬಗ್ಗೆ ಹಗುರವಾಗಿ ಮಾತನಾಡುವುದನ್ನು ನಿಲ್ಲಿಸಬೇಕು ಎಂದು ಆಗ್ರಹಿಸಿದರು. ಸಮಾಜದ ಮುಖಂಡರು ಈ ಕುರಿತು ಒಗ್ಗಟ್ಟಾಗಿ ಧ್ವನಿ ಎತ್ತಬೇಕಿದೆ. ಶ್ರೀಗಳ ಮಾರ್ಗದರ್ಶನದಲ್ಲಿ ಸಮಾಜ ಮುನ್ನಡೆಯುತ್ತಿದೆ ಎಂದರು. ಈ ವೇಳೆ ಹಲವು ಮುಖಂಡರು ಉಪಸ್ಥಿತರಿದ್ದರು.
ಸುದ್ದಿಗೋಷ್ಠಿ	❝ ಪ್ರಧಾನಿ ನರೇಂದ್ರ ಮೋದಿ ಅವರ ರಾಜಕಾರಣಕ್ಕೆ ಬಾಬಾ ಸಾಹೇಬರ ಆಶಯಗಳು ವಿರುದ್ಧವಾಗಿವೆ. ಸಂವಿಧಾನದ ಮೌಲ್ಯಗಳನ್ನು ಉಳಿಸಲು ಎಲ್ಲರೂ ಒಗ್ಗೂಡಬೇಕು. ಕಾಂಗ್ರೆಸ್ ಪಕ್ಷ ಆಡಳಿತದಲ್ಲಿ ಜನಪರ ಯೋಜನೆಗಳನ್ನು ಜಾರಿಗೆ ತಂದಿದೆ.
ಸಿ.ಸಿ.ಪಾಟೀಲ, ಶಾಸಕ
ಗದಗ ಜಿಲ್ಲಾ ಉಸ್ತುವಾರಿ ಸಚಿವರ ಹೇಳಿಕೆಗೆ ಶಾಸಕ ಸಿ.ಸಿ.ಪಾಟೀಲ ತೀವ್ರ ಆಕ್ಷೇಪ ವ್ಯಕ್ತಪಡಿಸಿದರು. ಜನರ ಭಾವನೆಗಳಿಗೆ ಧಕ್ಕೆ ತರುವ ಹೇಳಿಕೆಗಳನ್ನು ನೀಡಬಾರದು ಎಂದರು. ಈ ಸಂದರ್ಭದಲ್ಲಿ ಪಕ್ಷದ ಮುಖಂಡರು ಹಾಜರಿದ್ದರು.
